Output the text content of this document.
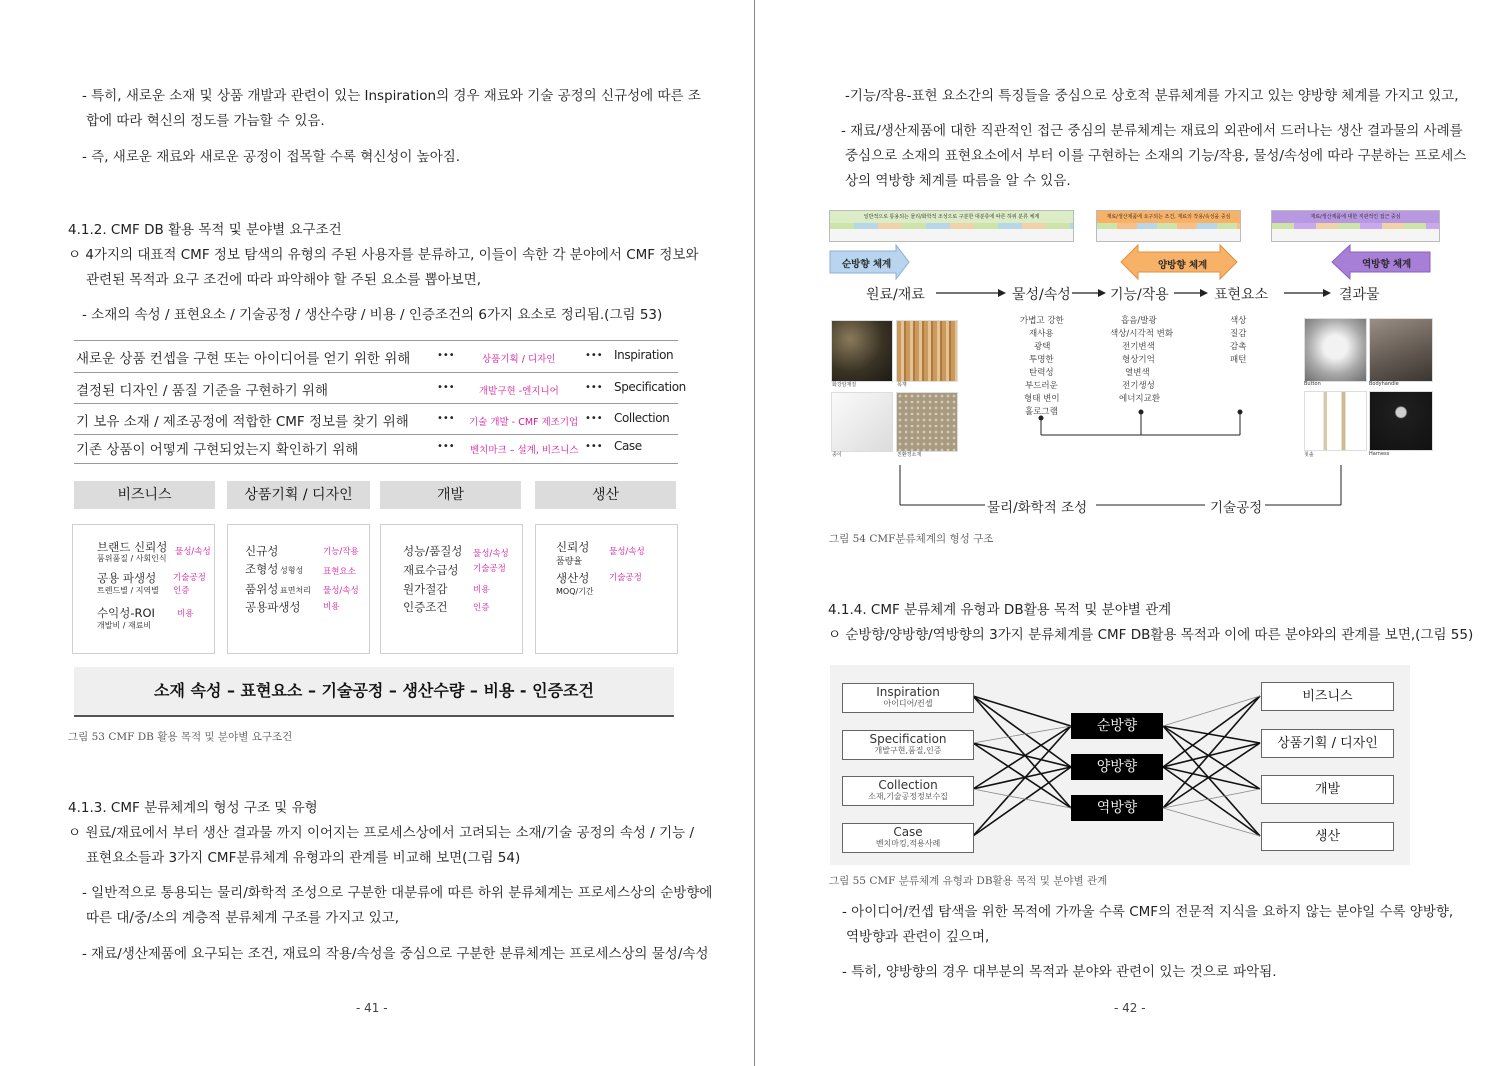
- 특히, 새로운 소재 및 상품 개발과 관련이 있는 Inspiration의 경우 재료와 기술 공정의 신규성에 따른 조
합에 따라 혁신의 정도를 가늠할 수 있음.
- 즉, 새로운 재료와 새로운 공정이 접목할 수록 혁신성이 높아짐.
4.1.2. CMF DB 활용 목적 및 분야별 요구조건
ㅇ 4가지의 대표적 CMF 정보 탐색의 유형의 주된 사용자를 분류하고, 이들이 속한 각 분야에서 CMF 정보와
관련된 목적과 요구 조건에 따라 파악해야 할 주된 요소를 뽑아보면,
- 소재의 속성 / 표현요소 / 기술공정 / 생산수량 / 비용 / 인증조건의 6가지 요소로 정리됨.(그림 53)
새로운 상품 컨셉을 구현 또는 아이디어를 얻기 위한 위해	•••	상품기획 / 디자인	••• Inspiration
결정된 디자인 / 품질 기준을 구현하기 위해	•••	개발구현 -엔지니어	••• Specification
기 보유 소재 / 제조공정에 적합한 CMF 정보를 찾기 위해	••• 기술 개발 - CMF 제조기업 ••• Collection
기존 상품이 어떻게 구현되었는지 확인하기 위해	••• 벤치마크 – 설계, 비즈니스 ••• Case
비즈니스	상품기획 / 디자인	개발	생산
브랜드 신뢰성
품위품질 / 사회인식
물성/속성
공용 파생성
트렌드별 / 지역별
기술공정
인증
수익성-ROI
개발비 / 재료비
비용
신규성	기능/작용
조형성 성형성 표현요소
품위성 표면처리 물성/속성
공용파생성	비용
성능/품질성 물성/속성
재료수급성 기술공정
원가절감	비용
인증조건	인증
신뢰성
품량율
물성/속성
생산성
MOQ/기간
기술공정
소재 속성 – 표현요소 – 기술공정 – 생산수량 – 비용 - 인증조건
그림 53 CMF DB 활용 목적 및 분야별 요구조건
4.1.3. CMF 분류체계의 형성 구조 및 유형
ㅇ 원료/재료에서 부터 생산 결과물 까지 이어지는 프로세스상에서 고려되는 소재/기술 공정의 속성 / 기능 /
표현요소들과 3가지 CMF분류체계 유형과의 관계를 비교해 보면(그림 54)
- 일반적으로 통용되는 물리/화학적 조성으로 구분한 대분류에 따른 하위 분류체계는 프로세스상의 순방향에
따른 대/중/소의 계층적 분류체계 구조를 가지고 있고,
- 재료/생산제품에 요구되는 조건, 재료의 작용/속성을 중심으로 구분한 분류체계는 프로세스상의 물성/속성
- 41 -
-기능/작용-표현 요소간의 특징들을 중심으로 상호적 분류체계를 가지고 있는 양방향 체계를 가지고 있고,
- 재료/생산제품에 대한 직관적인 접근 중심의 분류체계는 재료의 외관에서 드러나는 생산 결과물의 사례를
중심으로 소재의 표현요소에서 부터 이를 구현하는 소재의 기능/작용, 물성/속성에 따라 구분하는 프로세스
상의 역방향 체계를 따름을 알 수 있음.
일반적으로 통용되는 물리/화학적 조성으로 구분한 대분류에 따른 하위 분류 체계	재료/생산제품에 요구되는 조건, 재료의 작용/속성을 중심	재료/생산제품에 대한 직관적인 접근 중심
순방향 체계	양방향 체계	역방향 체계
원료/재료	물성/속성	기능/작용	표현요소	결과물
가볍고 강한
재사용
광택
투명한
탄력성
부드러운
형태 변이
홀로그램
흡음/발광
색상/시각적 변화
전기변색
형상기억
열변색
전기생성
에너지교환
색상
질감
감촉
패턴
화강암재질	목재
종이	친환경소재
Button	Bodyhandle
칫솔	Harness
물리/화학적 조성	기술공정
그림 54 CMF분류체계의 형성 구조
4.1.4. CMF 분류체계 유형과 DB활용 목적 및 분야별 관계
ㅇ 순방향/양방향/역방향의 3가지 분류체계를 CMF DB활용 목적과 이에 따른 분야와의 관계를 보면,(그림 55)
Inspiration
아이디어/컨셉
Specification
개발구현,품질,인증
Collection
소재,기술공정정보수집
Case
벤치마킹,적용사례
순방향
양방향
역방향
비즈니스
상품기획 / 디자인
개발
생산
그림 55 CMF 분류체계 유형과 DB활용 목적 및 분야별 관계
- 아이디어/컨셉 탐색을 위한 목적에 가까울 수록 CMF의 전문적 지식을 요하지 않는 분야일 수록 양방향,
역방향과 관련이 깊으며,
- 특히, 양방향의 경우 대부분의 목적과 분야와 관련이 있는 것으로 파악됨.
- 42 -
